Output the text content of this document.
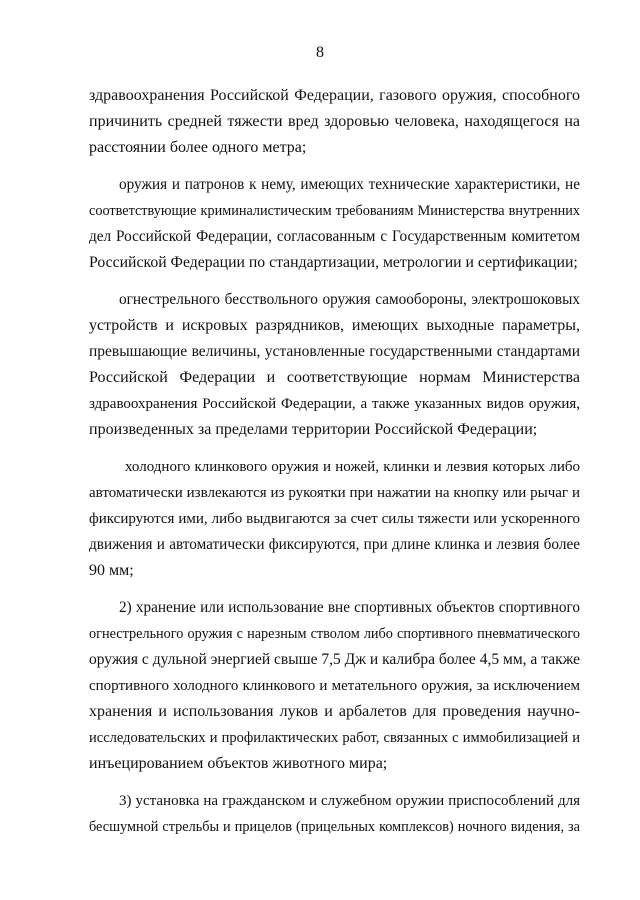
8
здравоохранения Российской Федерации, газового оружия, способного
причинить средней тяжести вред здоровью человека, находящегося на
расстоянии более одного метра;
оружия и патронов к нему, имеющих технические характеристики, не
соответствующие криминалистическим требованиям Министерства внутренних
дел Российской Федерации, согласованным с Государственным комитетом
Российской Федерации по стандартизации, метрологии и сертификации;
огнестрельного бесствольного оружия самообороны, электрошоковых
устройств и искровых разрядников, имеющих выходные параметры,
превышающие величины, установленные государственными стандартами
Российской Федерации и соответствующие нормам Министерства
здравоохранения Российской Федерации, а также указанных видов оружия,
произведенных за пределами территории Российской Федерации;
холодного клинкового оружия и ножей, клинки и лезвия которых либо
автоматически извлекаются из рукоятки при нажатии на кнопку или рычаг и
фиксируются ими, либо выдвигаются за счет силы тяжести или ускоренного
движения и автоматически фиксируются, при длине клинка и лезвия более
90 мм;
2) хранение или использование вне спортивных объектов спортивного
огнестрельного оружия с нарезным стволом либо спортивного пневматического
оружия с дульной энергией свыше 7,5 Дж и калибра более 4,5 мм, а также
спортивного холодного клинкового и метательного оружия, за исключением
хранения и использования луков и арбалетов для проведения научно-
исследовательских и профилактических работ, связанных с иммобилизацией и
инъецированием объектов животного мира;
3) установка на гражданском и служебном оружии приспособлений для
бесшумной стрельбы и прицелов (прицельных комплексов) ночного видения, за
